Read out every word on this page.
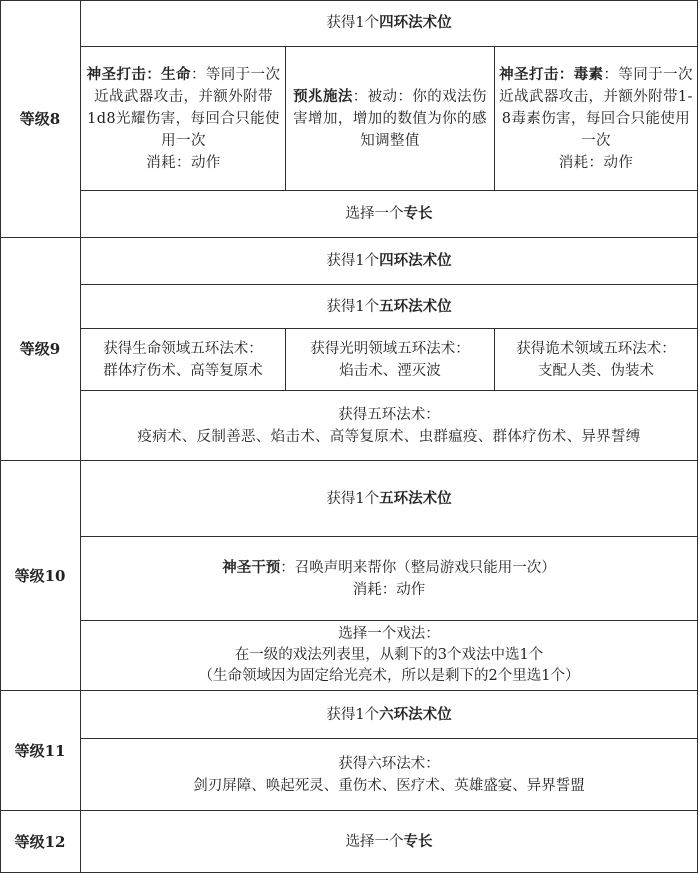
等级8
获得1个四环法术位
神圣打击：生命：等同于一次近战武器攻击，并额外附带1d8光耀伤害，每回合只能使用一次
消耗：动作
预兆施法：被动：你的戏法伤害增加，增加的数值为你的感知调整值
神圣打击：毒素：等同于一次近战武器攻击，并额外附带1-8毒素伤害，每回合只能使用一次
消耗：动作
选择一个专长
等级9
获得1个四环法术位
获得1个五环法术位
获得生命领域五环法术：
群体疗伤术、高等复原术
获得光明领域五环法术：
焰击术、湮灭波
获得诡术领域五环法术：
支配人类、伪装术
获得五环法术：
疫病术、反制善恶、焰击术、高等复原术、虫群瘟疫、群体疗伤术、异界誓缚
等级10
获得1个五环法术位
神圣干预：召唤声明来帮你（整局游戏只能用一次）
消耗：动作
选择一个戏法：
在一级的戏法列表里，从剩下的3个戏法中选1个
（生命领域因为固定给光亮术，所以是剩下的2个里选1个）
等级11
获得1个六环法术位
获得六环法术：
剑刃屏障、唤起死灵、重伤术、医疗术、英雄盛宴、异界誓盟
等级12	选择一个专长
